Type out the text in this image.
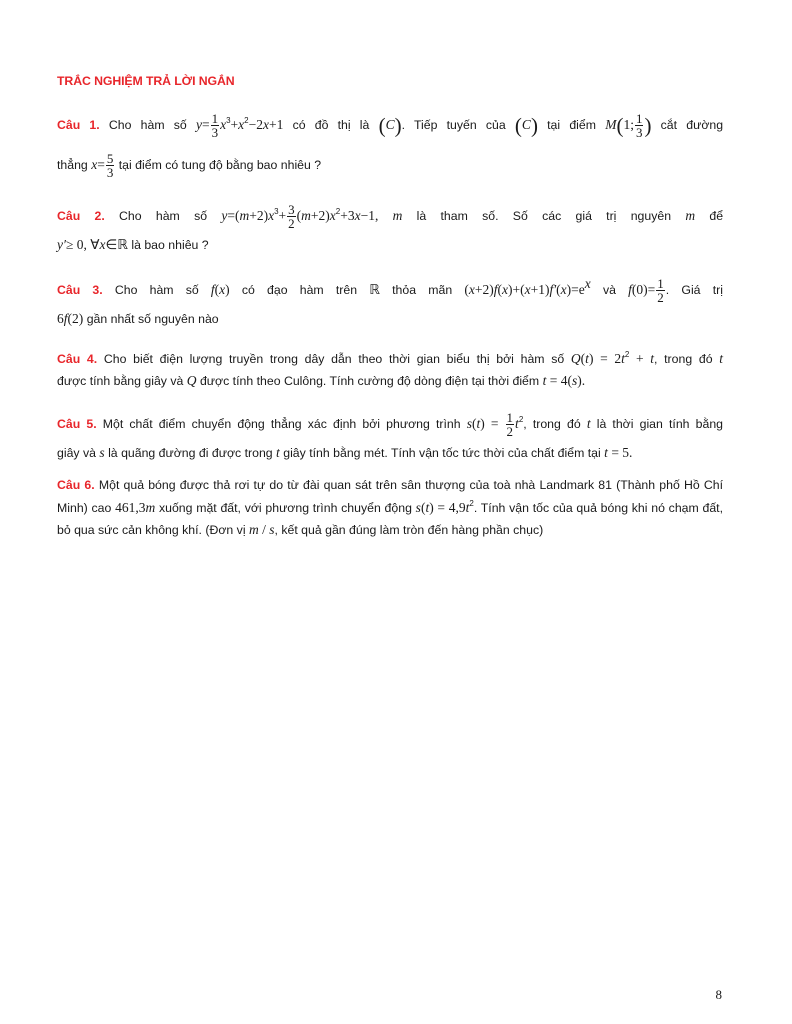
TRẮC NGHIỆM TRẢ LỜI NGẮN
Câu 1. Cho hàm số $y= \frac{1}{3} x^3+x^2-2x+1$ có đồ thị là (C). Tiếp tuyến của (C) tại điểm M(1; $\frac{1}{3}$ ) cắt đường
thẳng $x= \frac{5}{3}$ tại điểm có tung độ bằng bao nhiêu ?
Câu 2. Cho hàm số $y=(m+2)x^3+ \frac{3}{2} (m+2)x^2+3x-1$, m là tham số. Số các giá trị nguyên m để
y′≥ 0, ∀x∈ℝ là bao nhiêu ?
Câu 3. Cho hàm số f(x) có đạo hàm trên ℝ thỏa mãn $(x+2)f(x)+(x+1)f'(x)=e^x$ và $f(0)= \frac{1}{2}$ . Giá trị
6f(2) gần nhất số nguyên nào
Câu 4. Cho biết điện lượng truyền trong dây dẫn theo thời gian biểu thị bởi hàm số $Q(t) = 2t^2 + t$, trong đó t
được tính bằng giây và Q được tính theo Culông. Tính cường độ dòng điện tại thời điểm t = 4(s).
Câu 5. Một chất điểm chuyển động thẳng xác định bởi phương trình $s(t) = \frac{1}{2} t^2$, trong đó t là thời gian tính bằng
giây và s là quãng đường đi được trong t giây tính bằng mét. Tính vận tốc tức thời của chất điểm tại t = 5.
Câu 6. Một quả bóng được thả rơi tự do từ đài quan sát trên sân thượng của toà nhà Landmark 81 (Thành phố Hồ Chí Minh) cao 461,3m xuống mặt đất, với phương trình chuyển động $s(t) = 4,9t^2$. Tính vận tốc của quả bóng khi nó chạm đất, bỏ qua sức cản không khí. (Đơn vị m / s, kết quả gần đúng làm tròn đến hàng phần chục)
8
